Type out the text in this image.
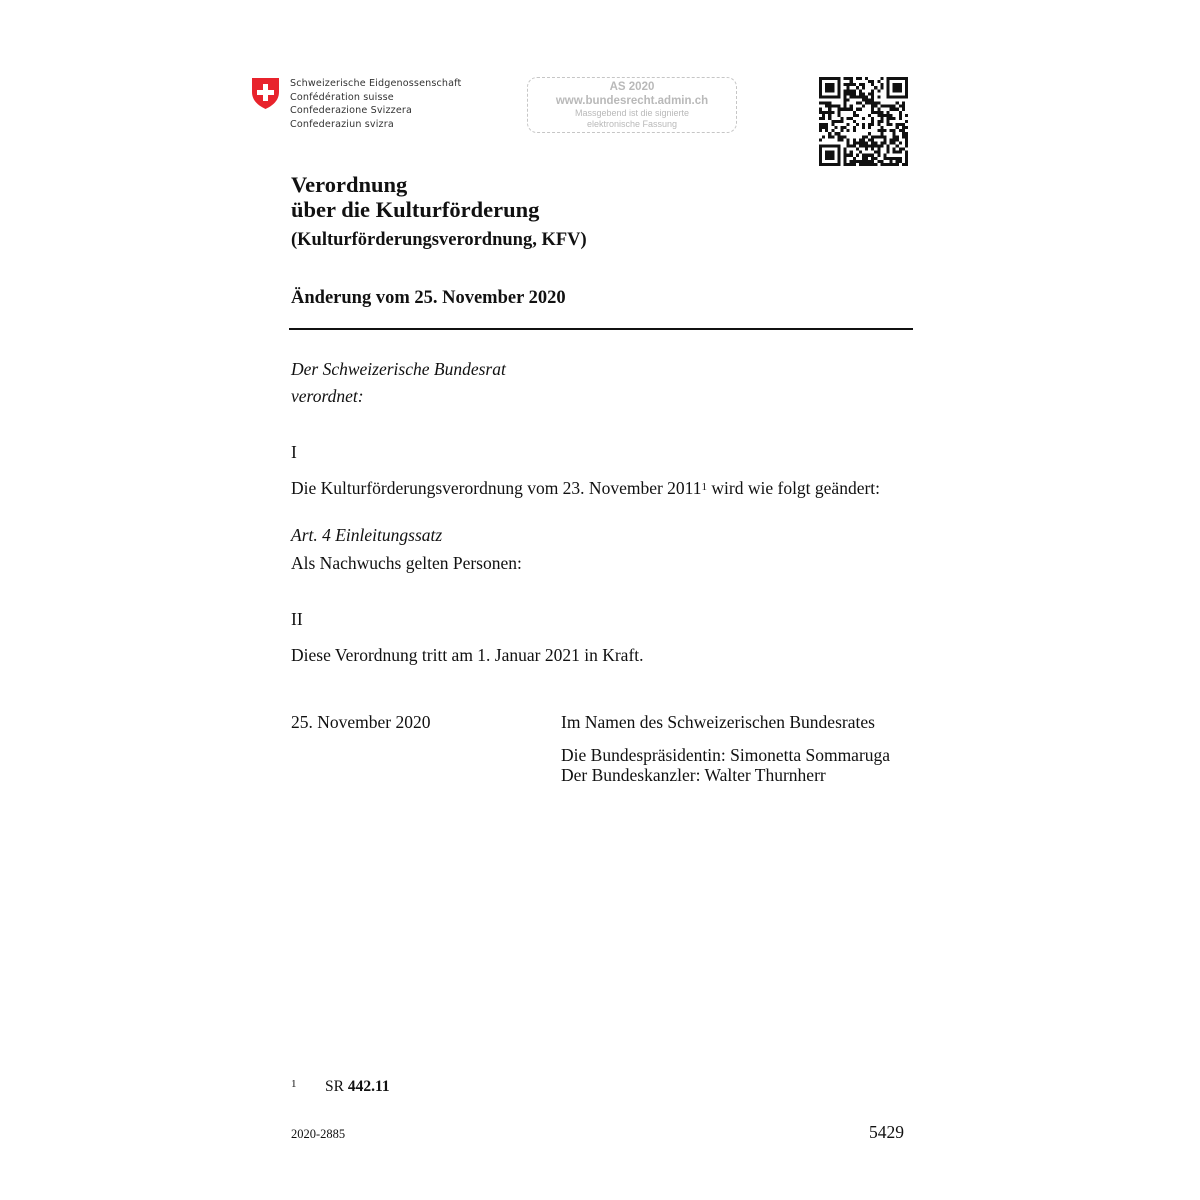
Schweizerische Eidgenossenschaft
Confédération suisse
Confederazione Svizzera
Confederaziun svizra
AS 2020
www.bundesrecht.admin.ch
Massgebend ist die signierte
elektronische Fassung
Verordnung
über die Kulturförderung
(Kulturförderungsverordnung, KFV)
Änderung vom 25. November 2020
Der Schweizerische Bundesrat
verordnet:
I
Die Kulturförderungsverordnung vom 23. November 2011$^1$ wird wie folgt geändert:
Art. 4 Einleitungssatz
Als Nachwuchs gelten Personen:
II
Diese Verordnung tritt am 1. Januar 2021 in Kraft.
25. November 2020	Im Namen des Schweizerischen Bundesrates
Die Bundespräsidentin: Simonetta Sommaruga
Der Bundeskanzler: Walter Thurnherr
1 SR 442.11
2020-2885	5429
